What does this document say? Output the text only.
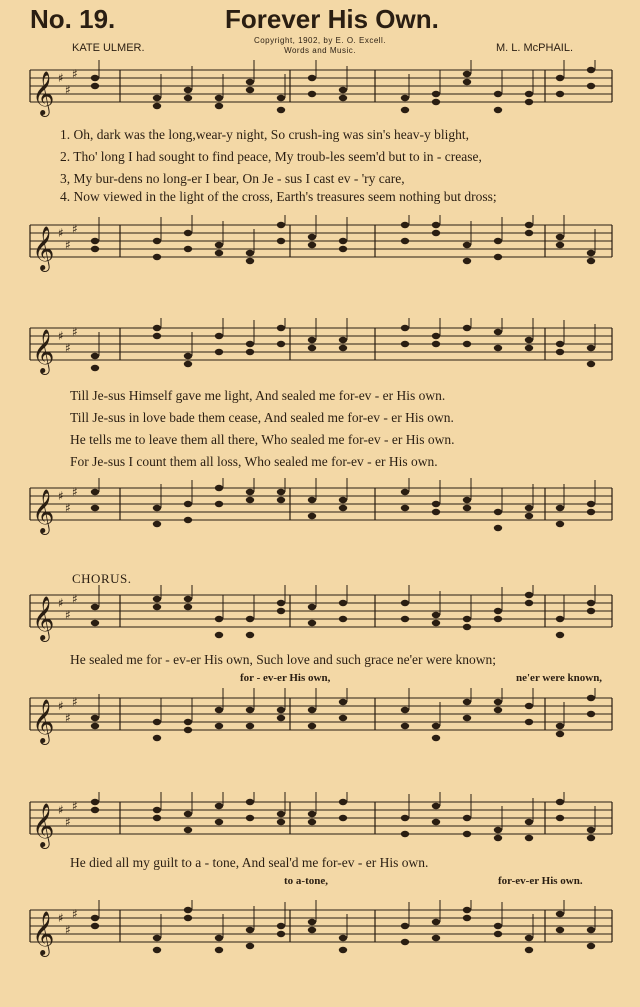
No. 19.	Forever His Own.
Copyright, 1902, by E. O. Excell.
Words and Music.
KATE ULMER.	M. L. McPHAIL.
𝄞 ♯
♯
♯
1. Oh, dark was the long,wear-y night, So crush-ing was sin's heav-y blight,
2. Tho' long I had sought to find peace, My troub-les seem'd but to in - crease,
3, My bur-dens no long-er I bear, On Je - sus I cast ev - 'ry care,
4. Now viewed in the light of the cross, Earth's treasures seem nothing but dross;
𝄞 ♯
♯
♯
𝄞 ♯
♯
♯
Till Je-sus Himself gave me light, And sealed me for-ev - er His own.
Till Je-sus in love bade them cease, And sealed me for-ev - er His own.
He tells me to leave them all there, Who sealed me for-ev - er His own.
For Je-sus I count them all loss, Who sealed me for-ev - er His own.
𝄞 ♯
♯
♯
CHORUS.
𝄞 ♯
♯
♯
He sealed me for - ev-er His own, Such love and such grace ne'er were known;
for - ev-er His own,	ne'er were known,
𝄞 ♯
♯
♯
𝄞 ♯
♯
♯
He died all my guilt to a - tone, And seal'd me for-ev - er His own.
to a-tone,	for-ev-er His own.
𝄞 ♯
♯
♯
